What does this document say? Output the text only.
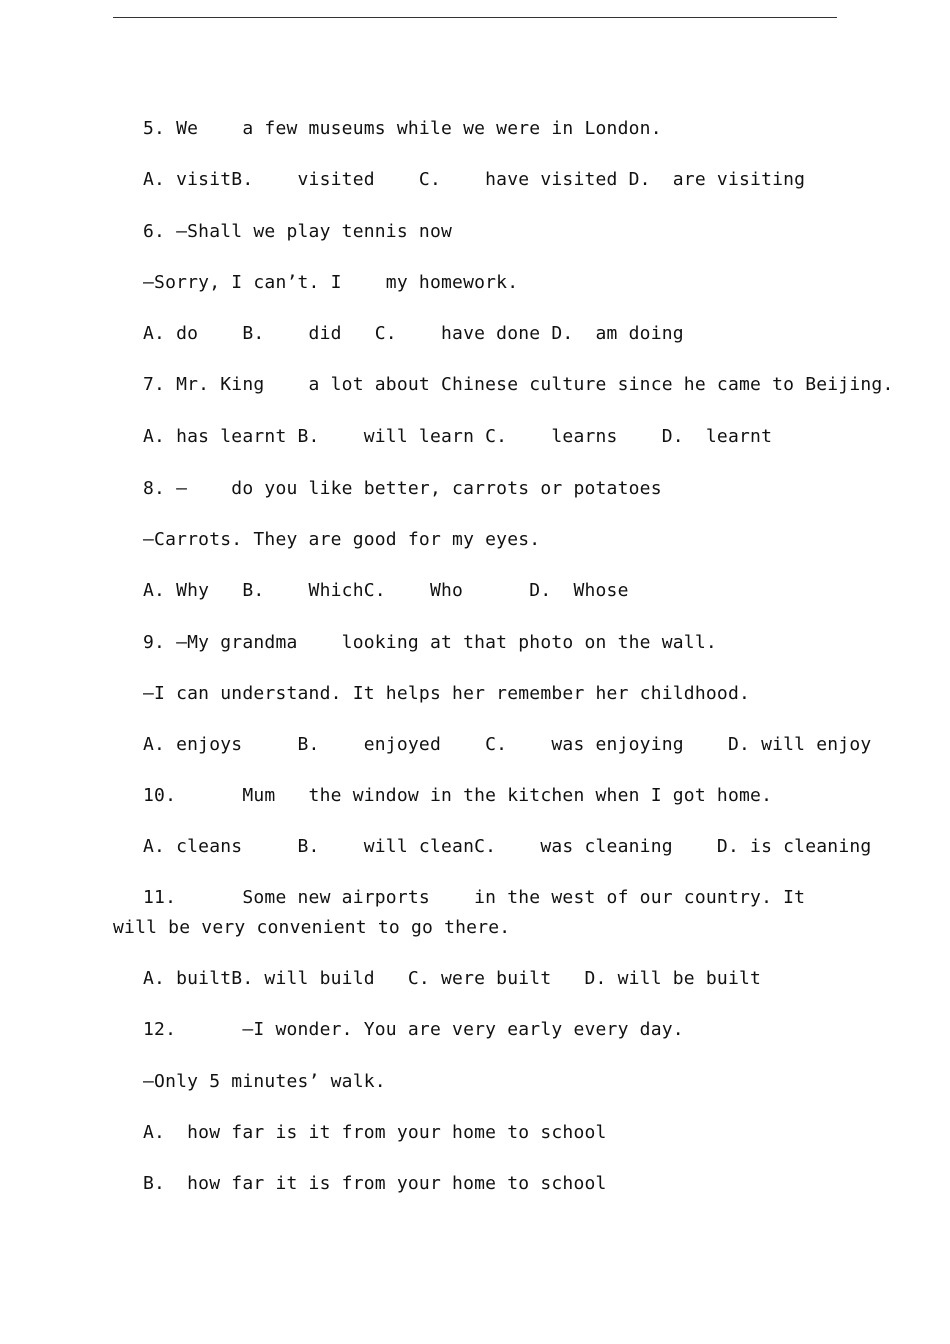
5. We    a few museums while we were in London.
A. visitB.    visited    C.    have visited D.  are visiting
6. —Shall we play tennis now
—Sorry, I can’t. I    my homework.
A. do    B.    did   C.    have done D.  am doing
7. Mr. King    a lot about Chinese culture since he came to Beijing.
A. has learnt B.    will learn C.    learns    D.  learnt
8. —    do you like better, carrots or potatoes
—Carrots. They are good for my eyes.
A. Why   B.    WhichC.    Who      D.  Whose
9. —My grandma    looking at that photo on the wall.
—I can understand. It helps her remember her childhood.
A. enjoys     B.    enjoyed    C.    was enjoying    D. will enjoy
10.      Mum   the window in the kitchen when I got home.
A. cleans     B.    will cleanC.    was cleaning    D. is cleaning
11.      Some new airports    in the west of our country. It will be very convenient to go there.
A. builtB. will build   C. were built   D. will be built
12.      —I wonder. You are very early every day.
—Only 5 minutes’ walk.
A.  how far is it from your home to school
B.  how far it is from your home to school
